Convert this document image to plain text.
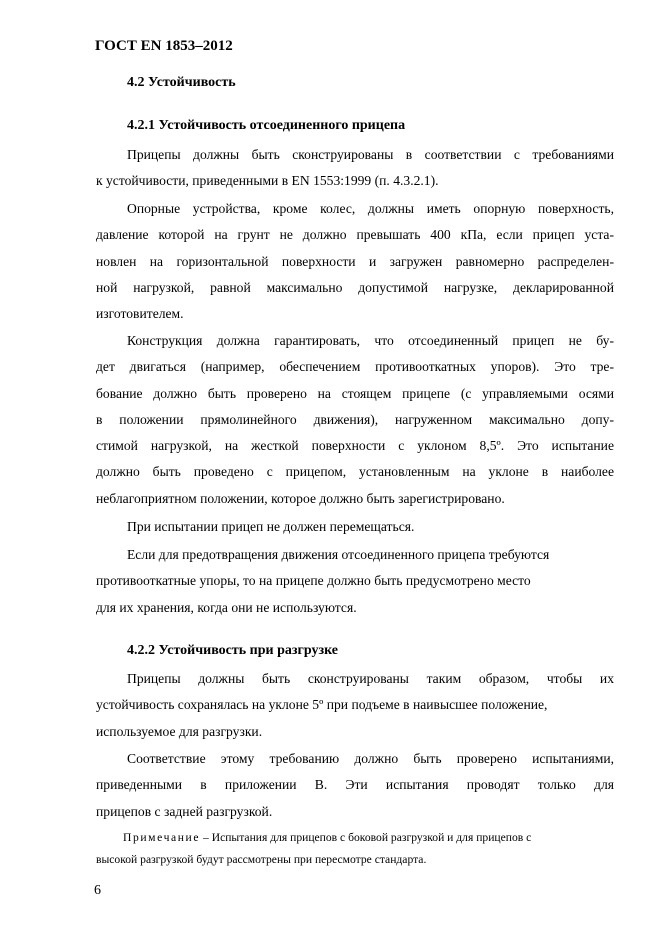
ГОСТ EN 1853–2012
4.2 Устойчивость
4.2.1 Устойчивость отсоединенного прицепа
Прицепы должны быть сконструированы в соответствии с требованиями
к устойчивости, приведенными в EN 1553:1999 (п. 4.3.2.1).
Опорные устройства, кроме колес, должны иметь опорную поверхность,
давление которой на грунт не должно превышать 400 кПа, если прицеп уста-
новлен на горизонтальной поверхности и загружен равномерно распределен-
ной нагрузкой, равной максимально допустимой нагрузке, декларированной
изготовителем.
Конструкция должна гарантировать, что отсоединенный прицеп не бу-
дет двигаться (например, обеспечением противооткатных упоров). Это тре-
бование должно быть проверено на стоящем прицепе (с управляемыми осями
в положении прямолинейного движения), нагруженном максимально допу-
стимой нагрузкой, на жесткой поверхности с уклоном 8,5º. Это испытание
должно быть проведено с прицепом, установленным на уклоне в наиболее
неблагоприятном положении, которое должно быть зарегистрировано.
При испытании прицеп не должен перемещаться.
Если для предотвращения движения отсоединенного прицепа требуются
противооткатные упоры, то на прицепе должно быть предусмотрено место
для их хранения, когда они не используются.
4.2.2 Устойчивость при разгрузке
Прицепы должны быть сконструированы таким образом, чтобы их
устойчивость сохранялась на уклоне 5º при подъеме в наивысшее положение,
используемое для разгрузки.
Соответствие этому требованию должно быть проверено испытаниями,
приведенными в приложении В. Эти испытания проводят только для
прицепов с задней разгрузкой.
Примечание – Испытания для прицепов с боковой разгрузкой и для прицепов с
высокой разгрузкой будут рассмотрены при пересмотре стандарта.
6
